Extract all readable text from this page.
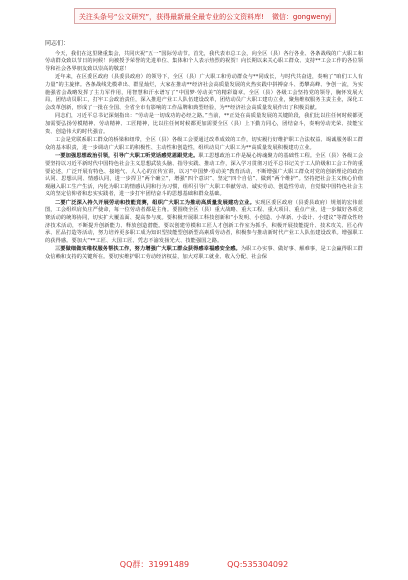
关注头条号“公文研究”，获得最新最全最专业的公文资料库! 微信：gongwenyj
同志们：

今天，我们在这里隆重集会，共同庆祝“五一”国际劳动节。首先，我代表市总工会，向全区（县）各行各业、各条战线的广大职工和劳动群众致以节日的问候！向被授予荣誉的先进单位、集体和个人表示热烈的祝贺！向长期以来关心职工群众、支持**工会工作的各位领导和社会各界朋友致以崇高的敬意！

近年来，在区委区政府（县委县政府）的领导下，全区（县）广大职工和劳动群众与**同成长，与时代共奋进，奏响了“咱们工人有力量”的主旋律。各条战线先模辈出、群星灿烂，大家在推动**经济社会高质量发展的火热实践中拼搏奋斗、勇攀高峰、争创一流，为实施强省会战略发挥了主力军作用，用智慧和汗水谱写了“中国梦·劳动美”的精彩篇章。全区（县）各级工会坚持党的领导，胸怀发展大局，团结动员职工，打牢工会政治责任，深入推进产业工人队伍建设改革，团结动员广大职工建功立业，聚焦维权服务主责主业，深化工会改革创新，形成了一批在全国、全省全市有影响的工作品牌和典型经验，为**经济社会高质量发展作出了积极贡献。

同志们，习近平总书记深刻指出：“劳动是一切成功的必经之路。”当前，**正处在高质量发展的关键阶段，我们比以往任何时候都更加需要弘扬劳模精神、劳动精神、工匠精神，比以往任何时候都更加需要全区（县）上下勤力同心，团结奋斗，奏响劳动光荣、技能宝贵、创造伟大的时代强音。

工会是党联系职工群众的桥梁和纽带，全区（县）各级工会要通过改革成效的工作，切实履行好维护职工合法权益、竭诚服务职工群众的基本职责，进一步调动广大职工的积极性、主动性和创造性，组织动员广大职工为**高质量发展积极建功立业。

一要加强思想政治引领，引导广大职工听党话感党恩跟党走。职工思想政治工作是凝心铸魂聚力的基础性工程。全区（县）各级工会要坚持以习近平新时代中国特色社会主义思想武装头脑、指导实践、推动工作，深入学习贯彻习近平总书记关于工人阶级和工会工作的重要论述，广泛开展有特色、接地气、人人心的宣传宣讲，以习“中国梦·劳动美”教育活动，不断增强广大职工群众对党的创新理论的政治认同、思想认同、情感认同，进一步捍卫“两个确立”，增强“四个意识”、坚定“四个自信”、做到“两个维护”。坚持把社会主义核心价值观融入职工生产生活，内化为职工的情感认同和行为习惯，组织引导广大职工奉献劳动、诚实劳动、创造性劳动，自觉做中国特色社会主义的坚定信仰者和忠实实践者，进一步打牢团结奋斗的思想基础和群众基础。

二要广泛深入持久开展劳动和技能竞赛，组织广大职工为推动高质量发展建功立业。实现区委区政府（县委县政府）规划的宏伟蓝图，工会组织肩负庄严使命，每一位劳动者都是主角。要围绕全区（县）重大战略、重大工程、重大项目、重点产业，进一步做好各项竞赛活动的统筹协同，切实扩大覆盖面、提高参与度。要积极开展职工科技创新和“小发明、小创造、小革新、小设计、小建议”等群众性经济技术活动，不断提升创新能力、释放创造潜能。要以创建劳模和工匠人才创新工作室为抓手，积极开展技能提升、技术攻关、匠心传承、匠品打造等活动，努力培养更多职工成为知识型技能型创新型高素质劳动者，积极参与推动新时代产业工人队伍建设改革。增强职工的获得感。要加大“**工匠、大国工匠、凭志不渝发扬光大、技能强国之路。

三要做细做实维权服务帮扶工作，努力增强广大职工群众获得感幸福感安全感。为职工办实事、做好事、解难事，是工会赢得职工群众信赖和支持的关键所在。要切实维护职工劳动经济权益，加大对职工就业、收入分配、社会保

QQ群：31991489	QQ:535304092
